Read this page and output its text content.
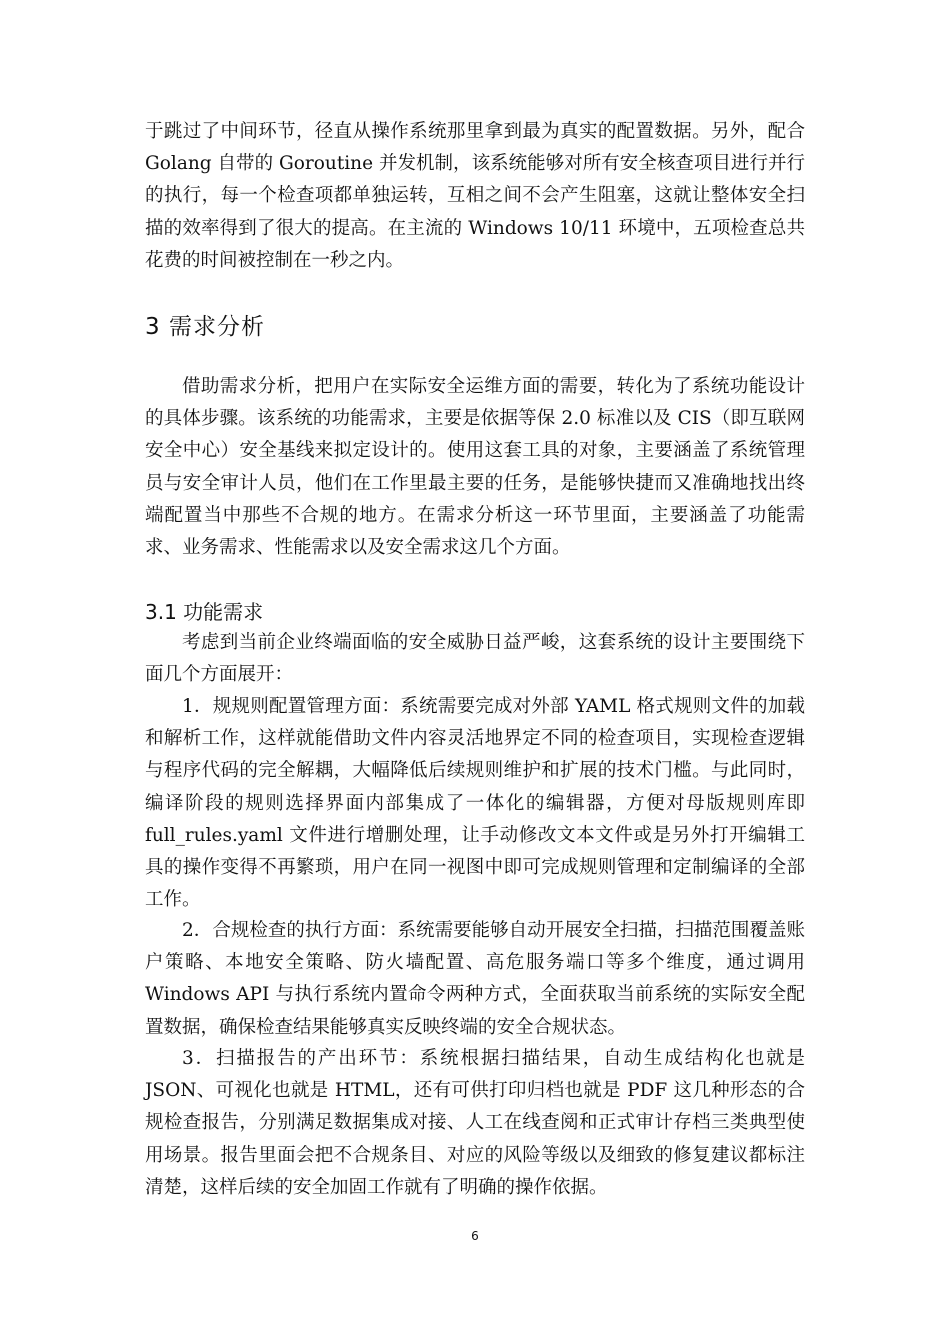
于跳过了中间环节，径直从操作系统那里拿到最为真实的配置数据。另外，配合 Golang 自带的 Goroutine 并发机制，该系统能够对所有安全核查项目进行并行的执行，每一个检查项都单独运转，互相之间不会产生阻塞，这就让整体安全扫描的效率得到了很大的提高。在主流的 Windows 10/11 环境中，五项检查总共花费的时间被控制在一秒之内。

3 需求分析

借助需求分析，把用户在实际安全运维方面的需要，转化为了系统功能设计的具体步骤。该系统的功能需求，主要是依据等保 2.0 标准以及 CIS（即互联网安全中心）安全基线来拟定设计的。使用这套工具的对象，主要涵盖了系统管理员与安全审计人员，他们在工作里最主要的任务，是能够快捷而又准确地找出终端配置当中那些不合规的地方。在需求分析这一环节里面，主要涵盖了功能需求、业务需求、性能需求以及安全需求这几个方面。

3.1 功能需求

考虑到当前企业终端面临的安全威胁日益严峻，这套系统的设计主要围绕下面几个方面展开：

1．规规则配置管理方面：系统需要完成对外部 YAML 格式规则文件的加载和解析工作，这样就能借助文件内容灵活地界定不同的检查项目，实现检查逻辑与程序代码的完全解耦，大幅降低后续规则维护和扩展的技术门槛。与此同时，编译阶段的规则选择界面内部集成了一体化的编辑器，方便对母版规则库即 full_rules.yaml 文件进行增删处理，让手动修改文本文件或是另外打开编辑工具的操作变得不再繁琐，用户在同一视图中即可完成规则管理和定制编译的全部工作。

2．合规检查的执行方面：系统需要能够自动开展安全扫描，扫描范围覆盖账户策略、本地安全策略、防火墙配置、高危服务端口等多个维度，通过调用 Windows API 与执行系统内置命令两种方式，全面获取当前系统的实际安全配置数据，确保检查结果能够真实反映终端的安全合规状态。

3．扫描报告的产出环节：系统根据扫描结果，自动生成结构化也就是 JSON、可视化也就是 HTML，还有可供打印归档也就是 PDF 这几种形态的合规检查报告，分别满足数据集成对接、人工在线查阅和正式审计存档三类典型使用场景。报告里面会把不合规条目、对应的风险等级以及细致的修复建议都标注清楚，这样后续的安全加固工作就有了明确的操作依据。

6
